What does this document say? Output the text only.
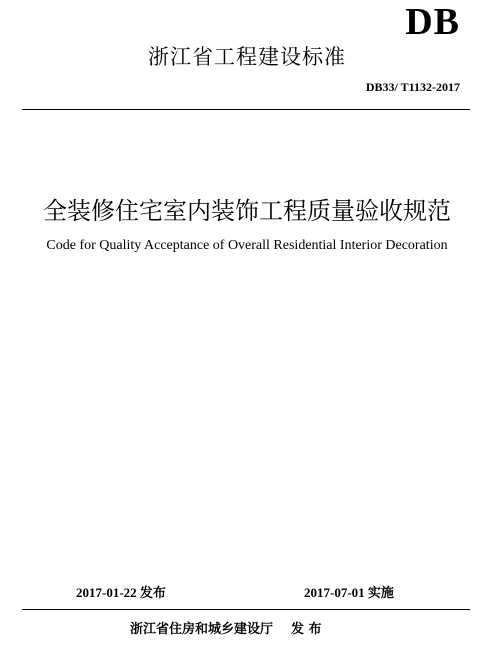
DB
浙江省工程建设标准
DB33/ T1132-2017
全装修住宅室内装饰工程质量验收规范
Code for Quality Acceptance of Overall Residential Interior Decoration
2017-01-22 发布	2017-07-01 实施
浙江省住房和城乡建设厅 发 布
